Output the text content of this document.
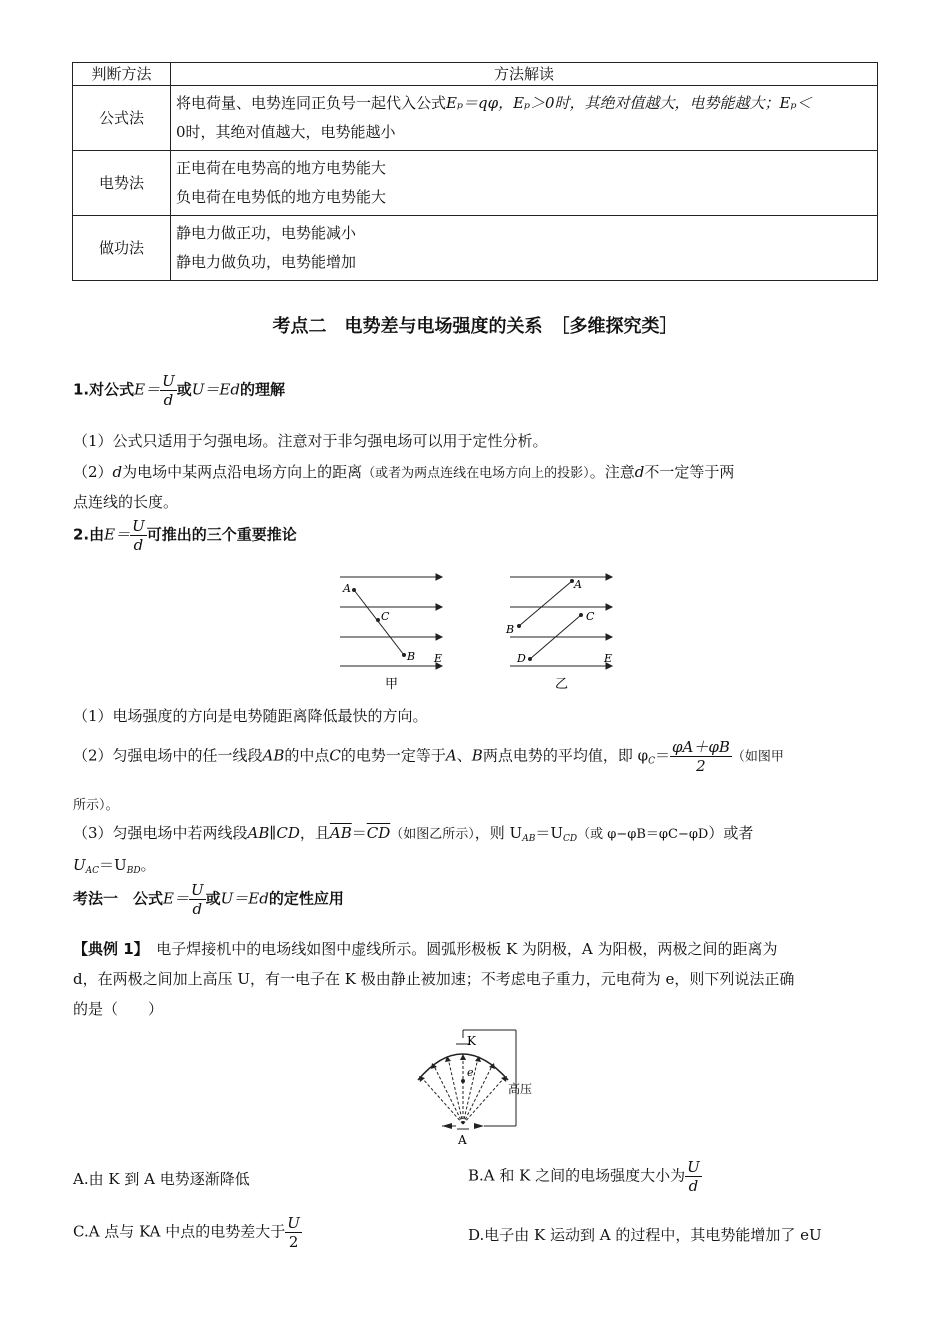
判断方法	方法解读
公式法	将电荷量、电势连同正负号一起代入公式Eₚ＝qφ，Eₚ＞0时，其绝对值越大，电势能越大；Eₚ＜
0时，其绝对值越大，电势能越小

电势法	正电荷在电势高的地方电势能大
负电荷在电势低的地方电势能大

做功法	静电力做正功，电势能减小
静电力做负功，电势能增加
考点二　电势差与电场强度的关系　［多维探究类］
1.对公式$E= \frac{U}{d}$ 或U＝Ed的理解
（1）公式只适用于匀强电场。注意对于非匀强电场可以用于定性分析。
（2）d为电场中某两点沿电场方向上的距离（或者为两点连线在电场方向上的投影）。注意d不一定等于两
点连线的长度。
2.由$E= \frac{U}{d}$ 可推出的三个重要推论
A
C
B E
甲
A
C
B
D	E
乙
（1）电场强度的方向是电势随距离降低最快的方向。
（2）匀强电场中的任一线段AB的中点C的电势一定等于A、B两点电势的平均值，即 $\varphi_C= \frac{\varphi A+\varphi B}{2}$ （如图甲
所示）。
（3）匀强电场中若两线段AB∥CD，且$\overline{AB}=\overline{CD}$（如图乙所示），则 $U_{AB}=U_{CD}$（或 φ−φB＝φC−φD）或者
$U_{AC}=U_{BD}$。
考法一　公式$E= \frac{U}{d}$ 或U＝Ed的定性应用
【典例 1】　 电子焊接机中的电场线如图中虚线所示。圆弧形极板 K 为阴极，A 为阳极，两极之间的距离为
d，在两极之间加上高压 U，有一电子在 K 极由静止被加速；不考虑电子重力，元电荷为 e，则下列说法正确
的是（　　）
K
e
高压
A
A.由 K 到 A 电势逐渐降低	B.A 和 K 之间的电场强度大小为 $\frac{U}{d}$
C.A 点与 KA 中点的电势差大于 $\frac{U}{2}$	D.电子由 K 运动到 A 的过程中，其电势能增加了 eU
